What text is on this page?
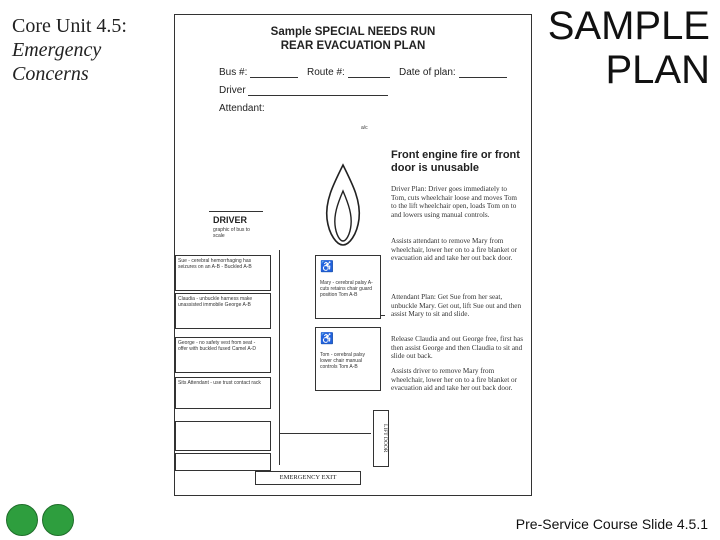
Core Unit 4.5:
Emergency
Concerns
SAMPLE
PLAN
Sample SPECIAL NEEDS RUN
REAR EVACUATION PLAN
Bus #:	Route #:	Date of plan:
Driver
Attendant:
a/c
Front engine fire or front door is unusable
Driver Plan: Driver goes immediately to Tom, cuts wheelchair loose and moves Tom to the lift wheelchair open, loads Tom on to and lowers using manual controls.
Assists attendant to remove Mary from wheelchair, lower her on to a fire blanket or evacuation aid and take her out back door.
Attendant Plan: Get Sue from her seat, unbuckle Mary. Get out, lift Sue out and then assist Mary to sit and slide.
Release Claudia and out George free, first has then assist George and then Claudia to sit and slide out back.
Assists driver to remove Mary from wheelchair, lower her on to a fire blanket or evacuation aid and take her out back door.
DRIVER
graphic of bus to scale
Sue - cerebral hemorrhaging has seizures on an A-B - Buckled A-B
Claudia - unbuckle harness make unassisted immobile George A-B
George - no safety vest from seat - offer with buckled fused Camel A-D
Sits Attendant - use trust contact rack
♿
Mary - cerebral palsy A-cuts retains chair guard position Tom A-B
♿
Tom - cerebral palsy lower chair manual controls Tom A-B
LIFT DOOR
EMERGENCY EXIT
Pre-Service Course Slide 4.5.1
